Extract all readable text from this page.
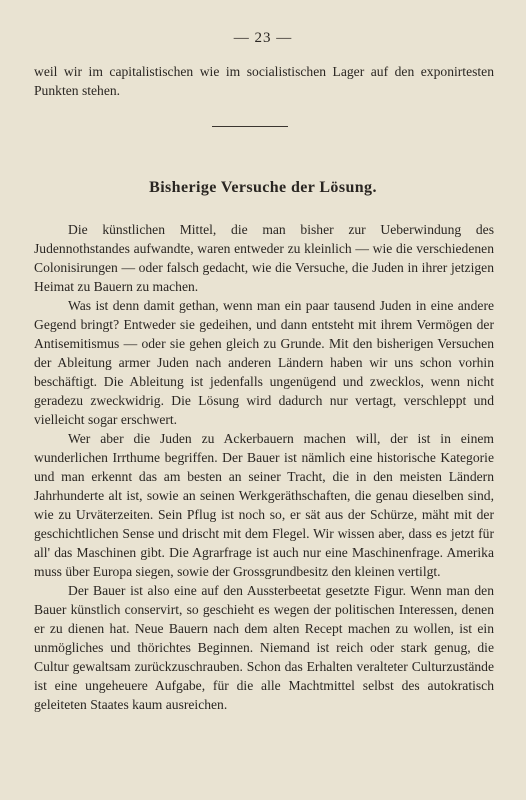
— 23 —

weil wir im capitalistischen wie im socialistischen Lager auf den exponirtesten Punkten stehen.

Bisherige Versuche der Lösung.

Die künstlichen Mittel, die man bisher zur Ueberwindung des Judennothstandes aufwandte, waren entweder zu kleinlich — wie die verschiedenen Colonisirungen — oder falsch gedacht, wie die Versuche, die Juden in ihrer jetzigen Heimat zu Bauern zu machen.

Was ist denn damit gethan, wenn man ein paar tausend Juden in eine andere Gegend bringt? Entweder sie gedeihen, und dann entsteht mit ihrem Vermögen der Antisemitismus — oder sie gehen gleich zu Grunde. Mit den bisherigen Versuchen der Ableitung armer Juden nach anderen Ländern haben wir uns schon vorhin beschäftigt. Die Ableitung ist jedenfalls ungenügend und zwecklos, wenn nicht geradezu zweckwidrig. Die Lösung wird dadurch nur vertagt, verschleppt und vielleicht sogar erschwert.

Wer aber die Juden zu Ackerbauern machen will, der ist in einem wunderlichen Irrthume begriffen. Der Bauer ist nämlich eine historische Kategorie und man erkennt das am besten an seiner Tracht, die in den meisten Ländern Jahrhunderte alt ist, sowie an seinen Werkgeräthschaften, die genau dieselben sind, wie zu Urväterzeiten. Sein Pflug ist noch so, er sät aus der Schürze, mäht mit der geschichtlichen Sense und drischt mit dem Flegel. Wir wissen aber, dass es jetzt für all' das Maschinen gibt. Die Agrarfrage ist auch nur eine Maschinenfrage. Amerika muss über Europa siegen, sowie der Grossgrundbesitz den kleinen vertilgt.

Der Bauer ist also eine auf den Aussterbeetat gesetzte Figur. Wenn man den Bauer künstlich conservirt, so geschieht es wegen der politischen Interessen, denen er zu dienen hat. Neue Bauern nach dem alten Recept machen zu wollen, ist ein unmögliches und thörichtes Beginnen. Niemand ist reich oder stark genug, die Cultur gewaltsam zurückzuschrauben. Schon das Erhalten veralteter Culturzustände ist eine ungeheuere Aufgabe, für die alle Machtmittel selbst des autokratisch geleiteten Staates kaum ausreichen.
